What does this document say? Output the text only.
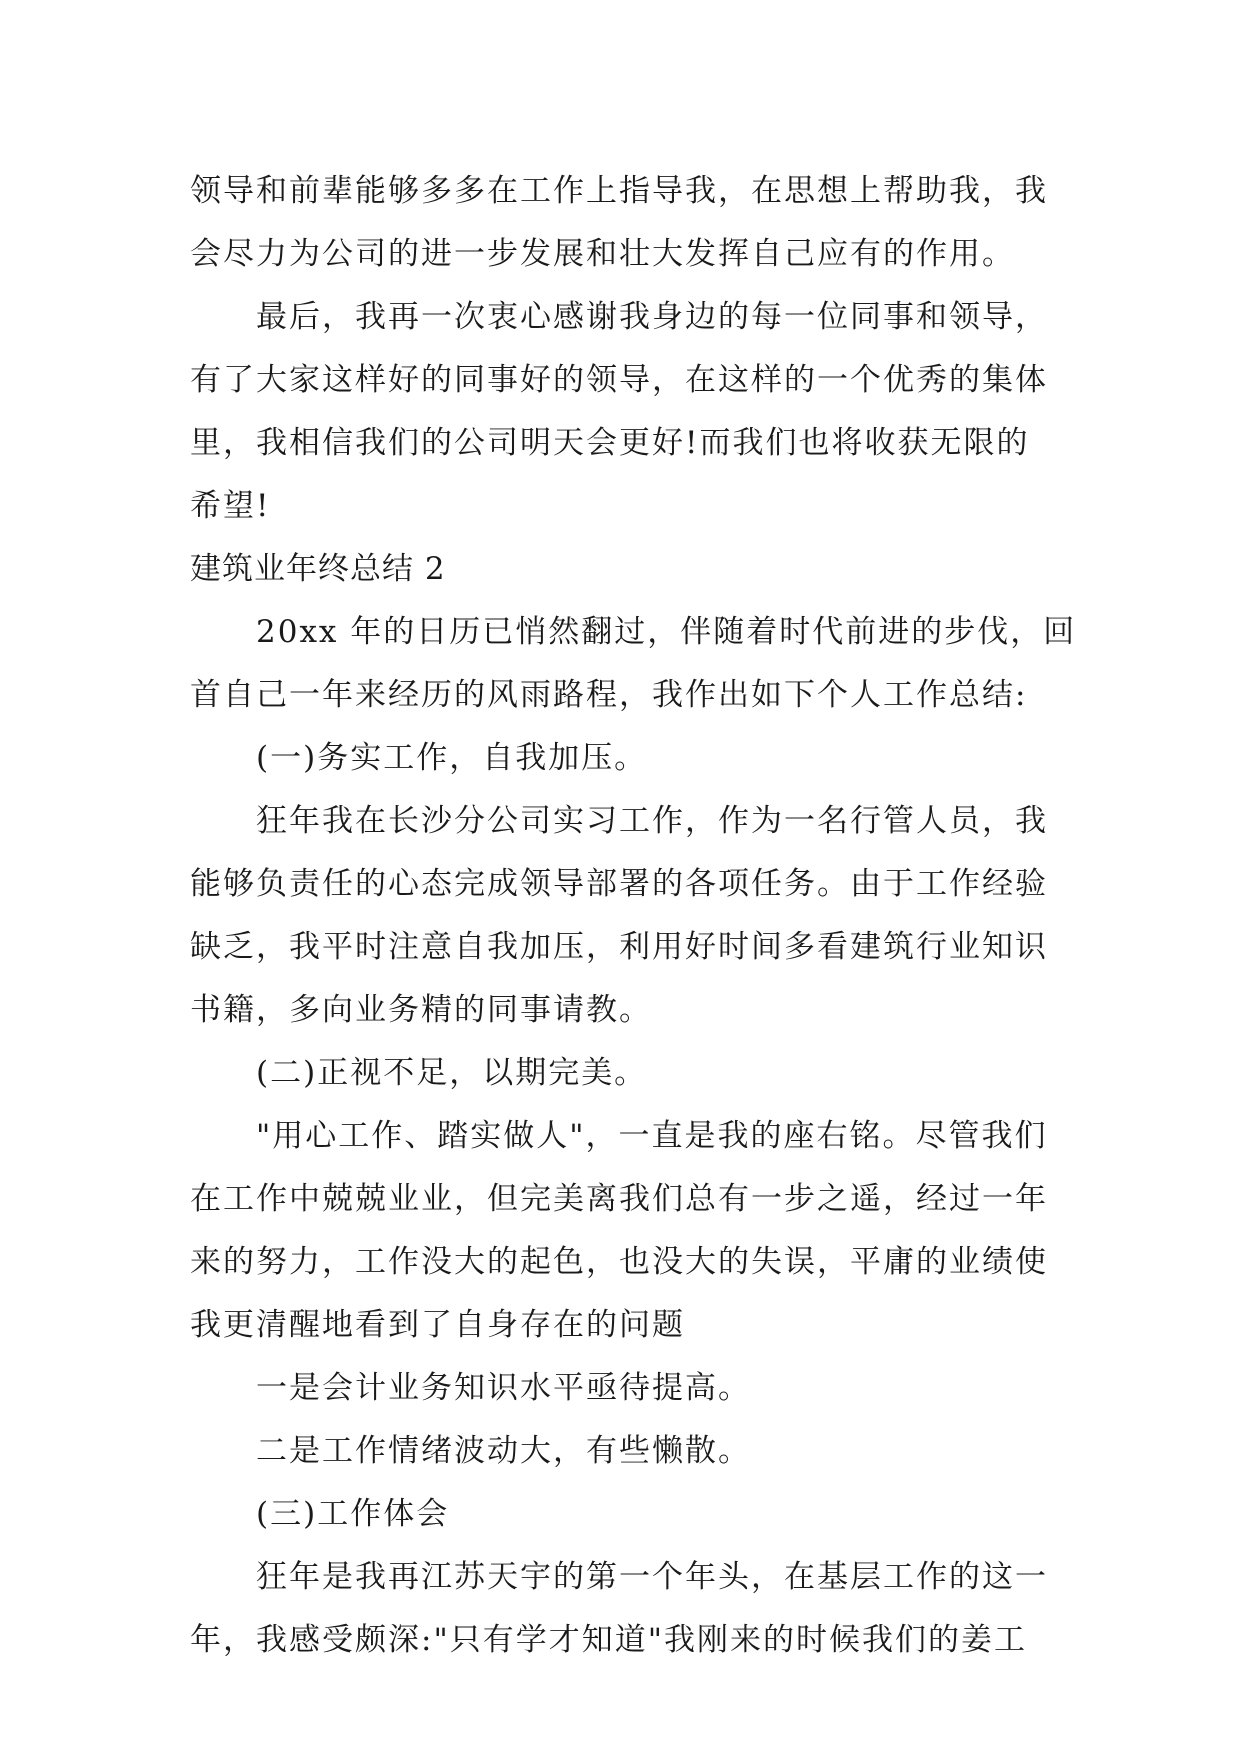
领导和前辈能够多多在工作上指导我，在思想上帮助我，我
会尽力为公司的进一步发展和壮大发挥自己应有的作用。
最后，我再一次衷心感谢我身边的每一位同事和领导，
有了大家这样好的同事好的领导，在这样的一个优秀的集体
里，我相信我们的公司明天会更好!而我们也将收获无限的
希望!
建筑业年终总结 2
20xx 年的日历已悄然翻过，伴随着时代前进的步伐，回
首自己一年来经历的风雨路程，我作出如下个人工作总结:
(一)务实工作，自我加压。
狂年我在长沙分公司实习工作，作为一名行管人员，我
能够负责任的心态完成领导部署的各项任务。由于工作经验
缺乏，我平时注意自我加压，利用好时间多看建筑行业知识
书籍，多向业务精的同事请教。
(二)正视不足，以期完美。
"用心工作、踏实做人"，一直是我的座右铭。尽管我们
在工作中兢兢业业，但完美离我们总有一步之遥，经过一年
来的努力，工作没大的起色，也没大的失误，平庸的业绩使
我更清醒地看到了自身存在的问题
一是会计业务知识水平亟待提高。
二是工作情绪波动大，有些懒散。
(三)工作体会
狂年是我再江苏天宇的第一个年头，在基层工作的这一
年，我感受颇深:"只有学才知道"我刚来的时候我们的姜工
